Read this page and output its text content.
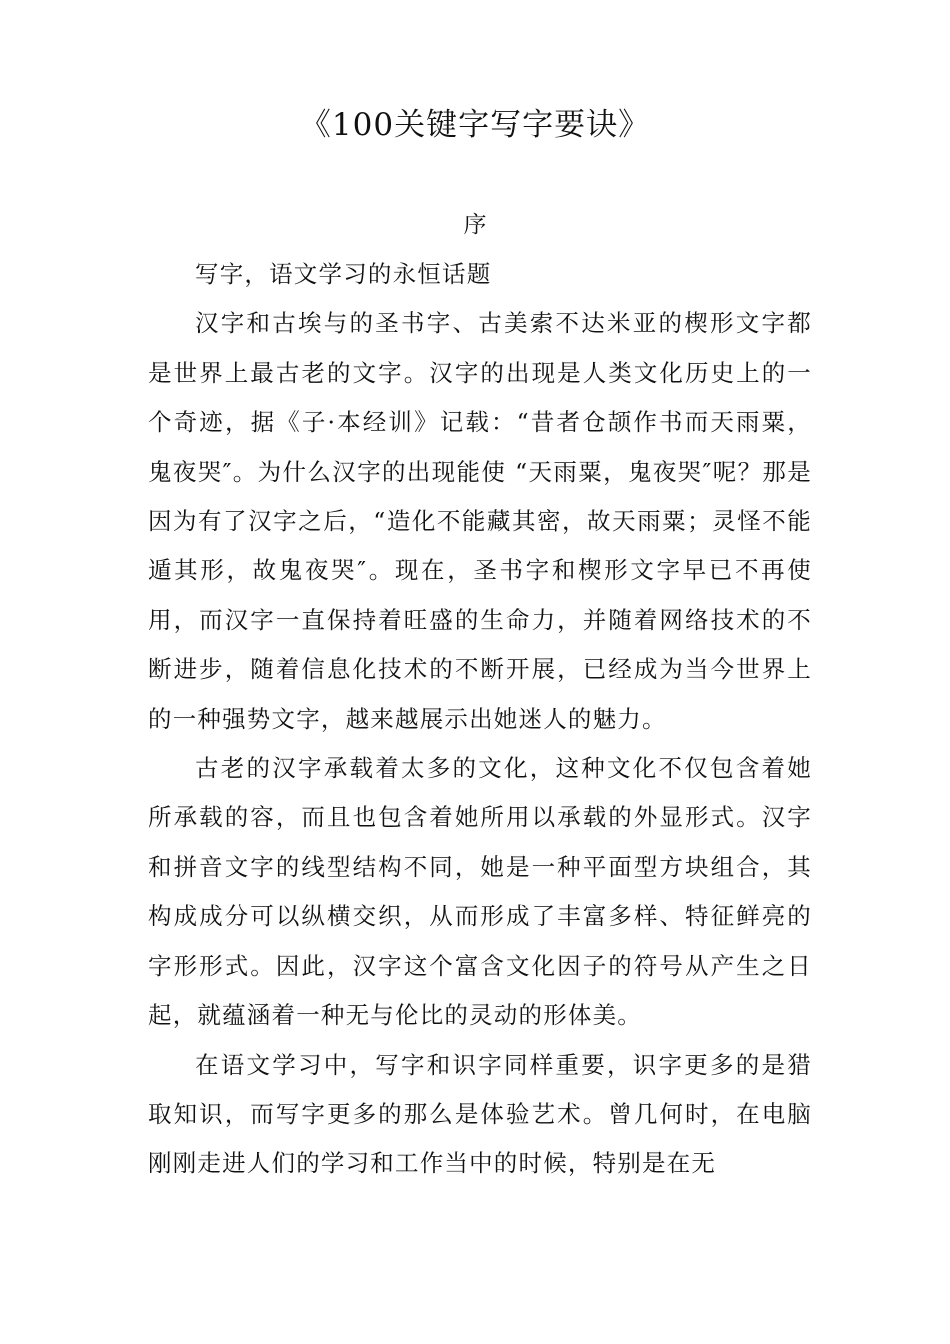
《100关键字写字要诀》
序

写字，语文学习的永恒话题

汉字和古埃与的圣书字、古美索不达米亚的楔形文字都是世界上最古老的文字。汉字的出现是人类文化历史上的一个奇迹，据《子·本经训》记载：“昔者仓颉作书而天雨粟，鬼夜哭″。为什么汉字的出现能使 “天雨粟，鬼夜哭″呢？那是因为有了汉字之后，“造化不能藏其密，故天雨粟；灵怪不能遁其形，故鬼夜哭″。现在，圣书字和楔形文字早已不再使用，而汉字一直保持着旺盛的生命力，并随着网络技术的不断进步，随着信息化技术的不断开展，已经成为当今世界上的一种强势文字，越来越展示出她迷人的魅力。

古老的汉字承载着太多的文化，这种文化不仅包含着她所承载的容，而且也包含着她所用以承载的外显形式。汉字和拼音文字的线型结构不同，她是一种平面型方块组合，其构成成分可以纵横交织，从而形成了丰富多样、特征鲜亮的字形形式。因此，汉字这个富含文化因子的符号从产生之日起，就蕴涵着一种无与伦比的灵动的形体美。

在语文学习中，写字和识字同样重要，识字更多的是猎取知识，而写字更多的那么是体验艺术。曾几何时，在电脑刚刚走进人们的学习和工作当中的时候，特别是在无
